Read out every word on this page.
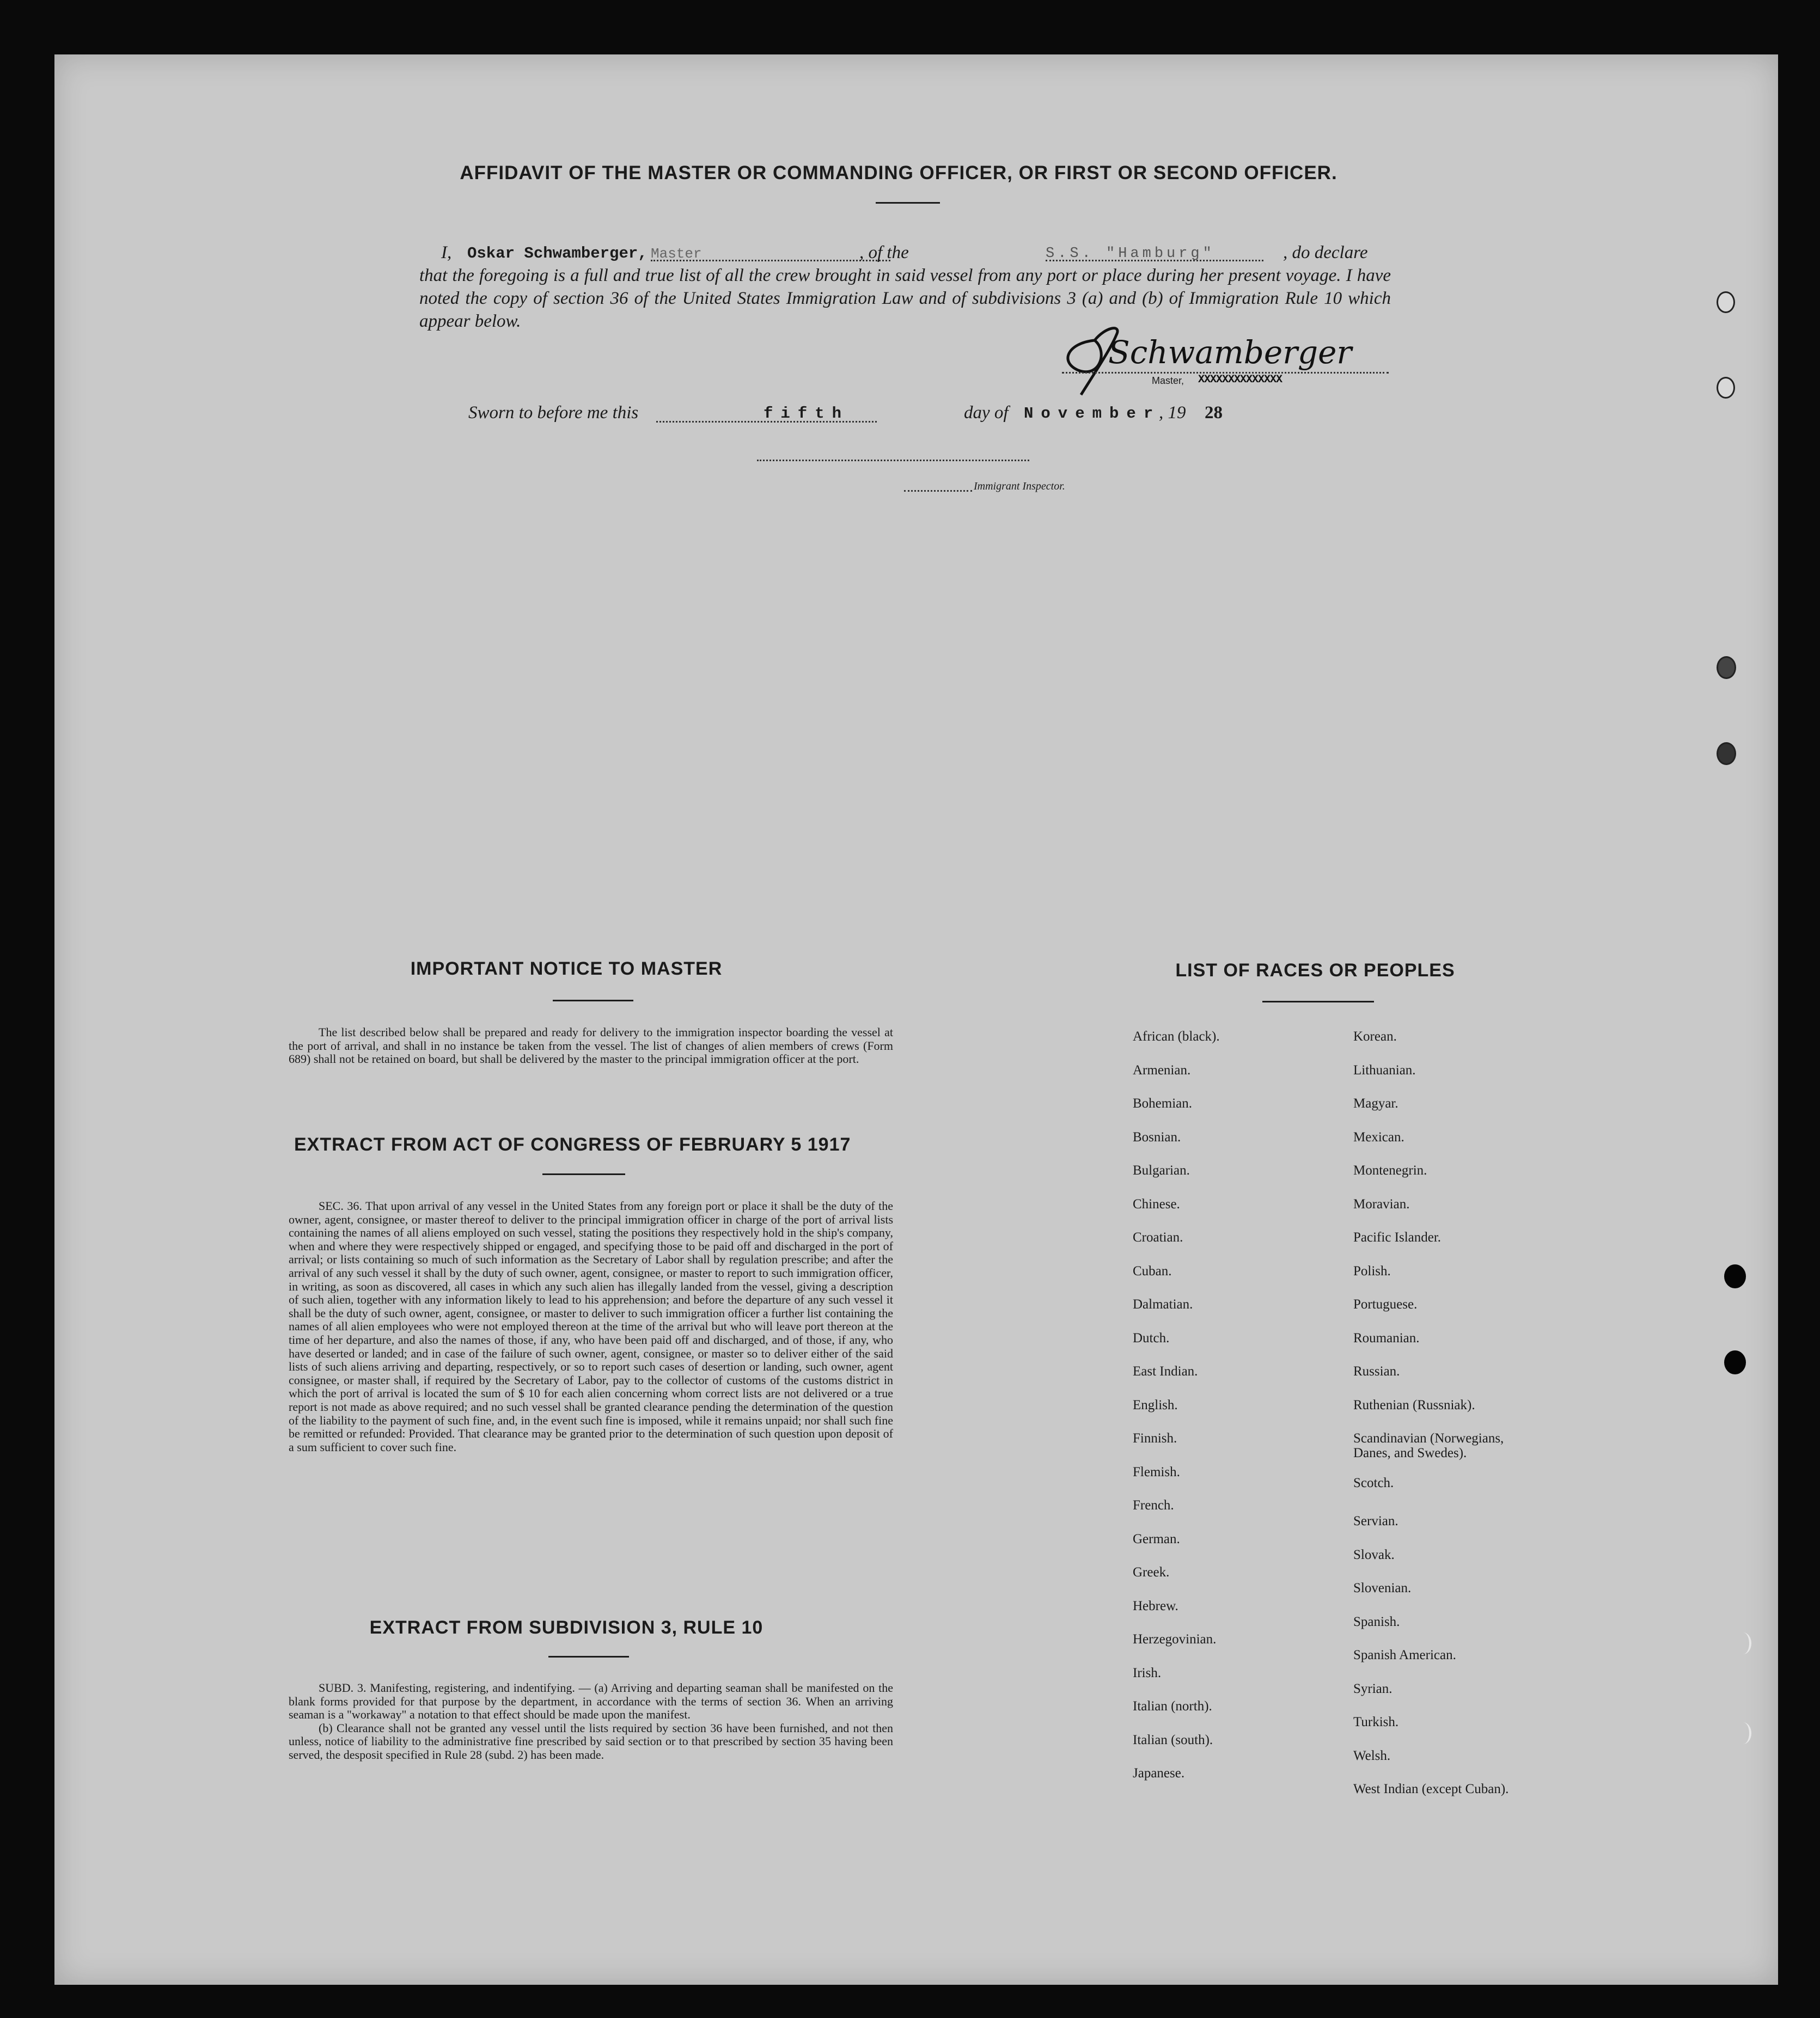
AFFIDAVIT OF THE MASTER OR COMMANDING OFFICER, OR FIRST OR SECOND OFFICER.
I, Oskar Schwamberger, Master	, of the	S.S. "Hamburg"	, do declare
that the foregoing is a full and true list of all the crew brought in said vessel from any port or place during her present voyage. I have noted the copy of section 36 of the United States Immigration Law and of subdivisions 3 (a) and (b) of Immigration Rule 10 which appear below.
Schwamberger
Master, XXXXXXXXXXXXXX
Sworn to before me this	fifth	day of November
, 19 28
Immigrant Inspector.
IMPORTANT NOTICE TO MASTER

The list described below shall be prepared and ready for delivery to the immigration inspector boarding the vessel at the port of arrival, and shall in no instance be taken from the vessel. The list of changes of alien members of crews (Form 689) shall not be retained on board, but shall be delivered by the master to the principal immigration officer at the port.

EXTRACT FROM ACT OF CONGRESS OF FEBRUARY 5 1917

SEC. 36. That upon arrival of any vessel in the United States from any foreign port or place it shall be the duty of the owner, agent, consignee, or master thereof to deliver to the principal immigration officer in charge of the port of arrival lists containing the names of all aliens employed on such vessel, stating the positions they respectively hold in the ship's company, when and where they were respectively shipped or engaged, and specifying those to be paid off and discharged in the port of arrival; or lists containing so much of such information as the Secretary of Labor shall by regulation prescribe; and after the arrival of any such vessel it shall by the duty of such owner, agent, consignee, or master to report to such immigration officer, in writing, as soon as discovered, all cases in which any such alien has illegally landed from the vessel, giving a description of such alien, together with any information likely to lead to his apprehension; and before the departure of any such vessel it shall be the duty of such owner, agent, consignee, or master to deliver to such immigration officer a further list containing the names of all alien employees who were not employed thereon at the time of the arrival but who will leave port thereon at the time of her departure, and also the names of those, if any, who have been paid off and discharged, and of those, if any, who have deserted or landed; and in case of the failure of such owner, agent, consignee, or master so to deliver either of the said lists of such aliens arriving and departing, respectively, or so to report such cases of desertion or landing, such owner, agent consignee, or master shall, if required by the Secretary of Labor, pay to the collector of customs of the customs district in which the port of arrival is located the sum of $ 10 for each alien concerning whom correct lists are not delivered or a true report is not made as above required; and no such vessel shall be granted clearance pending the determination of the question of the liability to the payment of such fine, and, in the event such fine is imposed, while it remains unpaid; nor shall such fine be remitted or refunded: Provided. That clearance may be granted prior to the determination of such question upon deposit of a sum sufficient to cover such fine.

EXTRACT FROM SUBDIVISION 3, RULE 10

SUBD. 3. Manifesting, registering, and indentifying. — (a) Arriving and departing seaman shall be manifested on the blank forms provided for that purpose by the department, in accordance with the terms of section 36. When an arriving seaman is a "workaway" a notation to that effect should be made upon the manifest.

(b) Clearance shall not be granted any vessel until the lists required by section 36 have been furnished, and not then unless, notice of liability to the administrative fine prescribed by said section or to that prescribed by section 35 having been served, the desposit specified in Rule 28 (subd. 2) has been made.

LIST OF RACES OR PEOPLES
African (black).
Armenian.
Bohemian.
Bosnian.
Bulgarian.
Chinese.
Croatian.
Cuban.
Dalmatian.
Dutch.
East Indian.
English.
Finnish.
Flemish.
French.
German.
Greek.
Hebrew.
Herzegovinian.
Irish.
Italian (north).
Italian (south).
Japanese.
Korean.
Lithuanian.
Magyar.
Mexican.
Montenegrin.
Moravian.
Pacific Islander.
Polish.
Portuguese.
Roumanian.
Russian.
Ruthenian (Russniak).
Scandinavian (Norwegians,
Danes, and Swedes).
Scotch.
Servian.
Slovak.
Slovenian.
Spanish.
Spanish American.
Syrian.
Turkish.
Welsh.
West Indian (except Cuban).
